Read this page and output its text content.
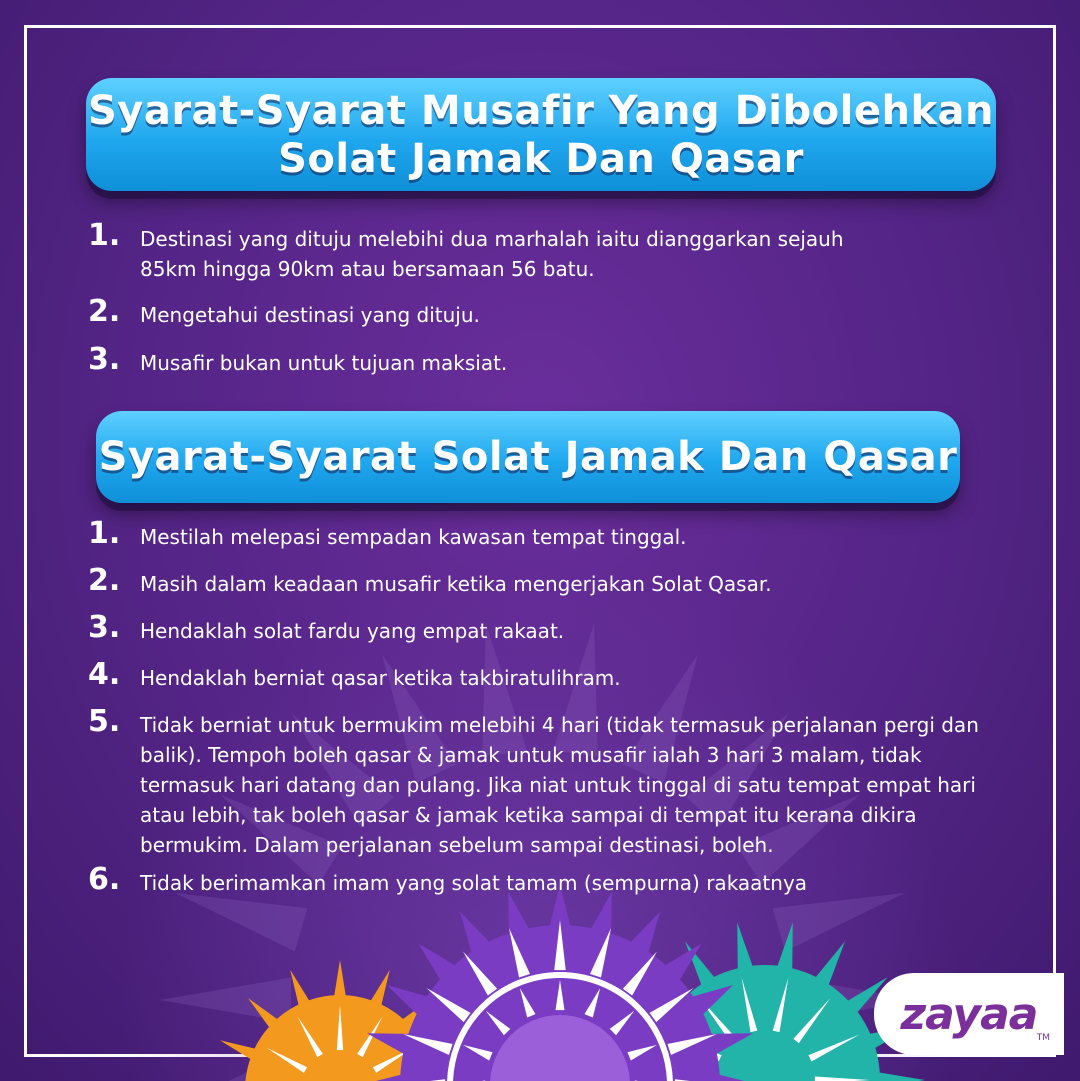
Syarat-Syarat Musafir Yang Dibolehkan
Solat Jamak Dan Qasar
1. Destinasi yang dituju melebihi dua marhalah iaitu dianggarkan sejauh 85km hingga 90km atau bersamaan 56 batu.
2. Mengetahui destinasi yang dituju.
3. Musafir bukan untuk tujuan maksiat.
Syarat-Syarat Solat Jamak Dan Qasar
1. Mestilah melepasi sempadan kawasan tempat tinggal.
2. Masih dalam keadaan musafir ketika mengerjakan Solat Qasar.
3. Hendaklah solat fardu yang empat rakaat.
4. Hendaklah berniat qasar ketika takbiratulihram.
5. Tidak berniat untuk bermukim melebihi 4 hari (tidak termasuk perjalanan pergi dan balik). Tempoh boleh qasar & jamak untuk musafir ialah 3 hari 3 malam, tidak termasuk hari datang dan pulang. Jika niat untuk tinggal di satu tempat empat hari atau lebih, tak boleh qasar & jamak ketika sampai di tempat itu kerana dikira bermukim. Dalam perjalanan sebelum sampai destinasi, boleh.
6. Tidak berimamkan imam yang solat tamam (sempurna) rakaatnya
zayaa TM
